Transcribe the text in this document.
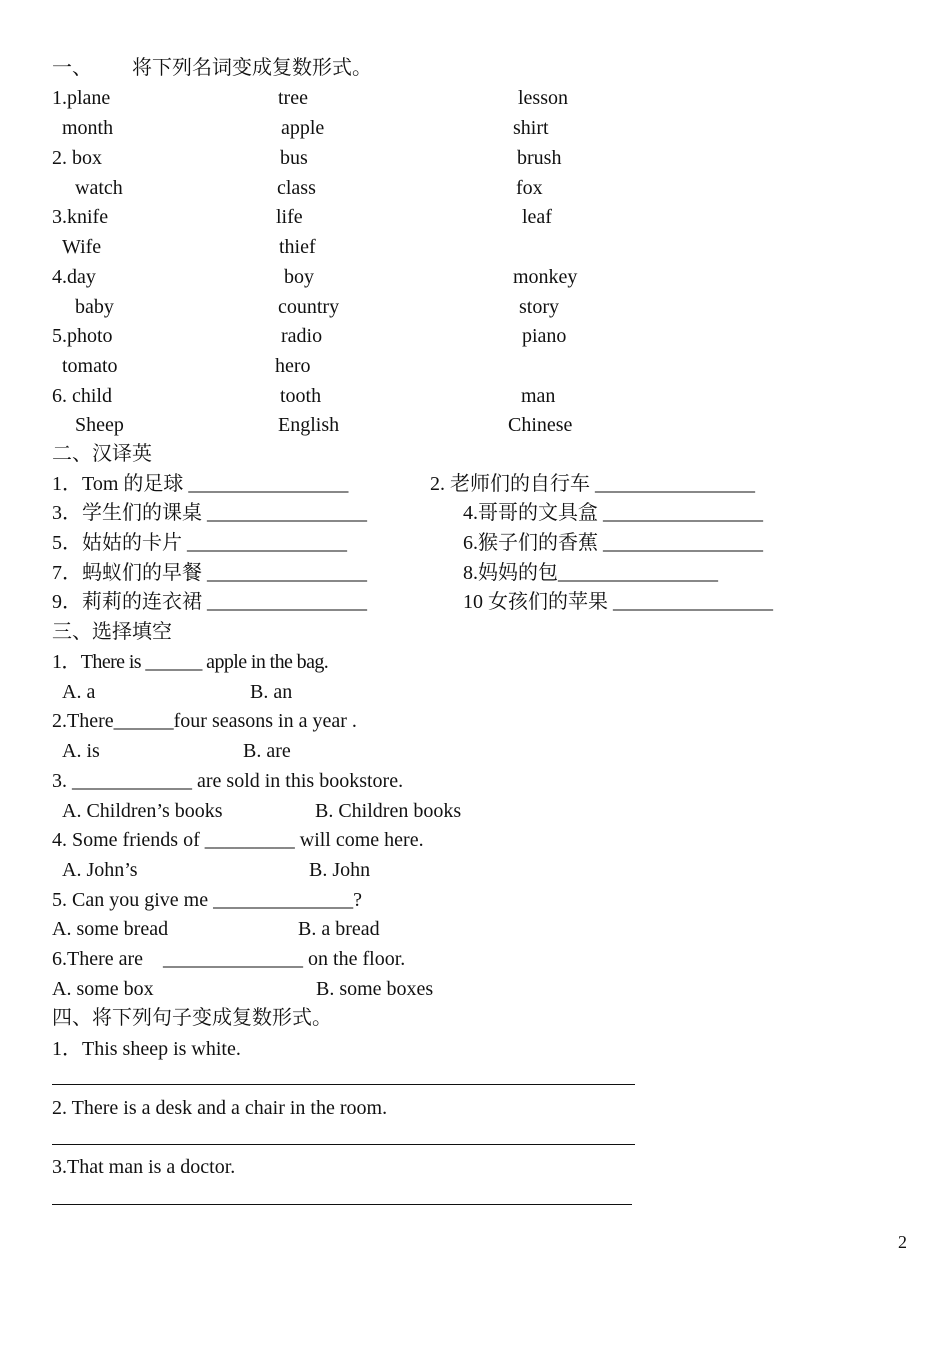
一、 将下列名词变成复数形式。
1.plane	tree	lesson
month	apple	shirt
2. box	bus	brush
watch	class	fox
3.knife	life	leaf
Wife	thief
4.day	boy	monkey
baby	country	story
5.photo	radio	piano
tomato	hero
6. child	tooth	man
Sheep	English	Chinese
二、汉译英
1．Tom 的足球 ________________	2. 老师们的自行车 ________________
3．学生们的课桌 ________________	4.哥哥的文具盒 ________________
5．姑姑的卡片 ________________	6.猴子们的香蕉 ________________
7．蚂蚁们的早餐 ________________	8.妈妈的包________________
9．莉莉的连衣裙 ________________	10 女孩们的苹果 ________________
三、选择填空
1．There is ______ apple in the bag.
A. a	B. an
2.There______four seasons in a year .
A. is	B. are
3. ____________ are sold in this bookstore.
A. Children’s books	B. Children books
4. Some friends of _________ will come here.
A. John’s	B. John
5. Can you give me ______________?
A. some bread	B. a bread
6.There are    ______________ on the floor.
A. some box	B. some boxes
四、将下列句子变成复数形式。
1．This sheep is white.
2. There is a desk and a chair in the room.
3.That man is a doctor.
2
